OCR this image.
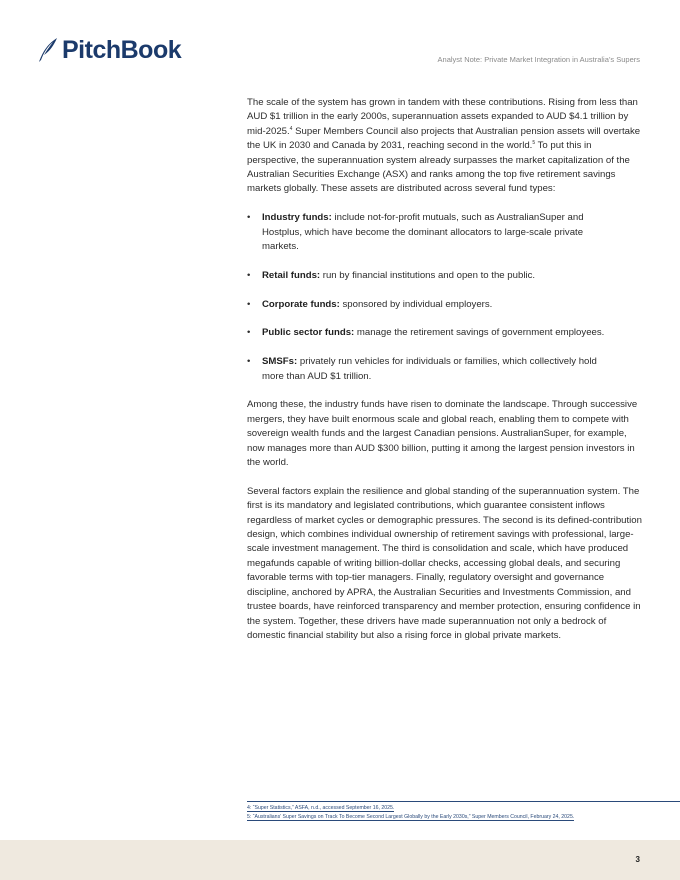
PitchBook	Analyst Note: Private Market Integration in Australia’s Supers

The scale of the system has grown in tandem with these contributions. Rising from less than AUD $1 trillion in the early 2000s, superannuation assets expanded to AUD $4.1 trillion by mid-2025.$^4$ Super Members Council also projects that Australian pension assets will overtake the UK in 2030 and Canada by 2031, reaching second in the world.$^5$ To put this in perspective, the superannuation system already surpasses the market capitalization of the Australian Securities Exchange (ASX) and ranks among the top five retirement savings markets globally. These assets are distributed across several fund types:

• Industry funds: include not-for-profit mutuals, such as AustralianSuper and Hostplus, which have become the dominant allocators to large-scale private markets.
• Retail funds: run by financial institutions and open to the public.
• Corporate funds: sponsored by individual employers.
• Public sector funds: manage the retirement savings of government employees.
• SMSFs: privately run vehicles for individuals or families, which collectively hold more than AUD $1 trillion.

Among these, the industry funds have risen to dominate the landscape. Through successive mergers, they have built enormous scale and global reach, enabling them to compete with sovereign wealth funds and the largest Canadian pensions. AustralianSuper, for example, now manages more than AUD $300 billion, putting it among the largest pension investors in the world.

Several factors explain the resilience and global standing of the superannuation system. The first is its mandatory and legislated contributions, which guarantee consistent inflows regardless of market cycles or demographic pressures. The second is its defined-contribution design, which combines individual ownership of retirement savings with professional, large-scale investment management. The third is consolidation and scale, which have produced megafunds capable of writing billion-dollar checks, accessing global deals, and securing favorable terms with top-tier managers. Finally, regulatory oversight and governance discipline, anchored by APRA, the Australian Securities and Investments Commission, and trustee boards, have reinforced transparency and member protection, ensuring confidence in the system. Together, these drivers have made superannuation not only a bedrock of domestic financial stability but also a rising force in global private markets.

4: “Super Statistics,” ASFA, n.d., accessed September 16, 2025.
5: “Australians’ Super Savings on Track To Become Second Largest Globally by the Early 2030s,” Super Members Council, February 24, 2025.
3
